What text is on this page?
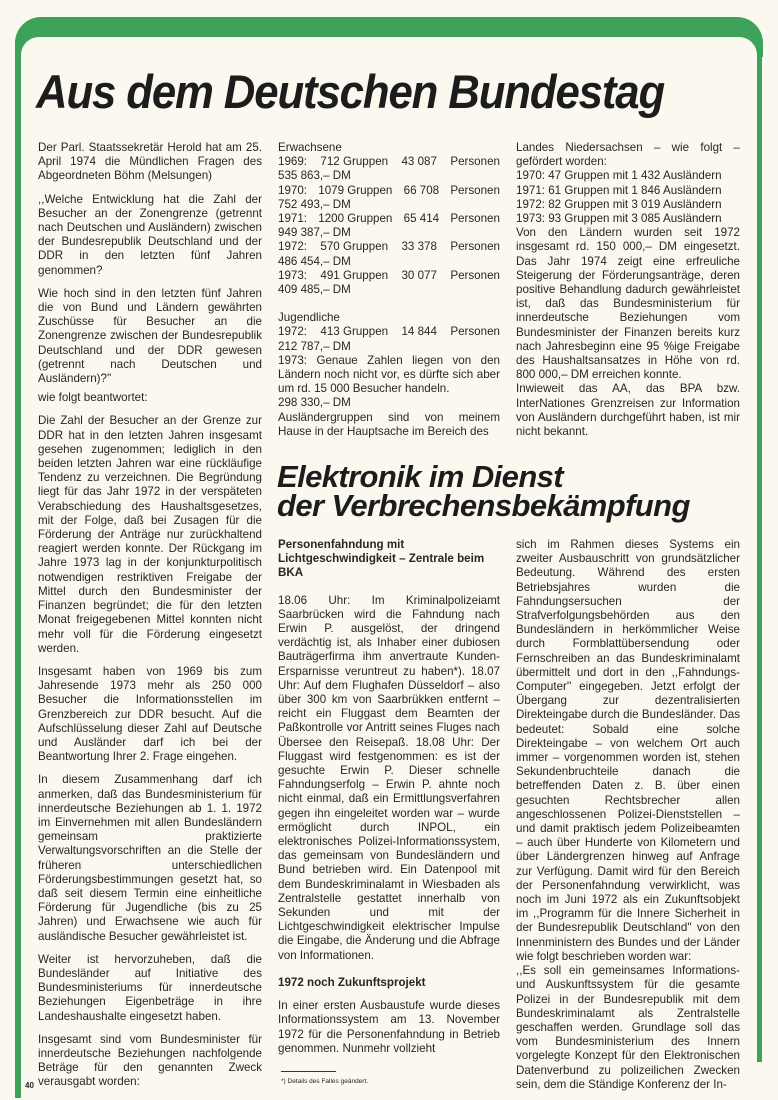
Aus dem Deutschen Bundestag

Der Parl. Staatssekretär Herold hat am 25. April 1974 die Mündlichen Fragen des Abgeordneten Böhm (Melsungen)

,,Welche Entwicklung hat die Zahl der Besucher an der Zonengrenze (getrennt nach Deutschen und Ausländern) zwischen der Bundesrepublik Deutschland und der DDR in den letzten fünf Jahren genommen?

Wie hoch sind in den letzten fünf Jahren die von Bund und Ländern gewährten Zuschüsse für Besucher an die Zonengrenze zwischen der Bundesrepublik Deutschland und der DDR gewesen (getrennt nach Deutschen und Ausländern)?''

wie folgt beantwortet:

Die Zahl der Besucher an der Grenze zur DDR hat in den letzten Jahren insgesamt gesehen zugenommen; lediglich in den beiden letzten Jahren war eine rückläufige Tendenz zu verzeichnen. Die Begründung liegt für das Jahr 1972 in der verspäteten Verabschiedung des Haushaltsgesetzes, mit der Folge, daß bei Zusagen für die Förderung der Anträge nur zurückhaltend reagiert werden konnte. Der Rückgang im Jahre 1973 lag in der konjunkturpolitisch notwendigen restriktiven Freigabe der Mittel durch den Bundesminister der Finanzen begründet; die für den letzten Monat freigegebenen Mittel konnten nicht mehr voll für die Förderung eingesetzt werden.

Insgesamt haben von 1969 bis zum Jahresende 1973 mehr als 250 000 Besucher die Informationsstellen im Grenzbereich zur DDR besucht. Auf die Aufschlüsselung dieser Zahl auf Deutsche und Ausländer darf ich bei der Beantwortung Ihrer 2. Frage eingehen.

In diesem Zusammenhang darf ich anmerken, daß das Bundesministerium für innerdeutsche Beziehungen ab 1. 1. 1972 im Einvernehmen mit allen Bundesländern gemeinsam praktizierte Verwaltungsvorschriften an die Stelle der früheren unterschiedlichen Förderungsbestimmungen gesetzt hat, so daß seit diesem Termin eine einheitliche Förderung für Jugendliche (bis zu 25 Jahren) und Erwachsene wie auch für ausländische Besucher gewährleistet ist.

Weiter ist hervorzuheben, daß die Bundesländer auf Initiative des Bundesministeriums für innerdeutsche Beziehungen Eigenbeträge in ihre Landeshaushalte eingesetzt haben.

Insgesamt sind vom Bundesminister für innerdeutsche Beziehungen nachfolgende Beträge für den genannten Zweck verausgabt worden:

Erwachsene
1969: 712 Gruppen 43 087 Personen
535 863,– DM
1970: 1079 Gruppen 66 708 Personen
752 493,– DM
1971: 1200 Gruppen 65 414 Personen
949 387,– DM
1972: 570 Gruppen 33 378 Personen
486 454,– DM
1973: 491 Gruppen 30 077 Personen
409 485,– DM
Jugendliche
1972: 413 Gruppen 14 844 Personen
212 787,– DM
1973: Genaue Zahlen liegen von den Ländern noch nicht vor, es dürfte sich aber um rd. 15 000 Besucher handeln.
298 330,– DM
Ausländergruppen sind von meinem Hause in der Hauptsache im Bereich des
Landes Niedersachsen – wie folgt – gefördert worden:
1970: 47 Gruppen mit 1 432 Ausländern
1971: 61 Gruppen mit 1 846 Ausländern
1972: 82 Gruppen mit 3 019 Ausländern
1973: 93 Gruppen mit 3 085 Ausländern
Von den Ländern wurden seit 1972 insgesamt rd. 150 000,– DM eingesetzt. Das Jahr 1974 zeigt eine erfreuliche Steigerung der Förderungsanträge, deren positive Behandlung dadurch gewährleistet ist, daß das Bundesministerium für innerdeutsche Beziehungen vom Bundesminister der Finanzen bereits kurz nach Jahresbeginn eine 95 %ige Freigabe des Haushaltsansatzes in Höhe von rd. 800 000,– DM erreichen konnte.
Inwieweit das AA, das BPA bzw. InterNationes Grenzreisen zur Information von Ausländern durchgeführt haben, ist mir nicht bekannt.
Elektronik im Dienst
der Verbrechensbekämpfung

Personenfahndung mit Lichtgeschwindigkeit – Zentrale beim BKA

18.06 Uhr: Im Kriminalpolizeiamt Saarbrücken wird die Fahndung nach Erwin P. ausgelöst, der dringend verdächtig ist, als Inhaber einer dubiosen Bauträgerfirma ihm anvertraute Kunden-Ersparnisse veruntreut zu haben*). 18.07 Uhr: Auf dem Flughafen Düsseldorf – also über 300 km von Saarbrükken entfernt – reicht ein Fluggast dem Beamten der Paßkontrolle vor Antritt seines Fluges nach Übersee den Reisepaß. 18.08 Uhr: Der Fluggast wird festgenommen: es ist der gesuchte Erwin P. Dieser schnelle Fahndungserfolg – Erwin P. ahnte noch nicht einmal, daß ein Ermittlungsverfahren gegen ihn eingeleitet worden war – wurde ermöglicht durch INPOL, ein elektronisches Polizei-Informationssystem, das gemeinsam von Bundesländern und Bund betrieben wird. Ein Datenpool mit dem Bundeskriminalamt in Wiesbaden als Zentralstelle gestattet innerhalb von Sekunden und mit der Lichtgeschwindigkeit elektrischer Impulse die Eingabe, die Änderung und die Abfrage von Informationen.

1972 noch Zukunftsprojekt

In einer ersten Ausbaustufe wurde dieses Informationssystem am 13. November 1972 für die Personenfahndung in Betrieb genommen. Nunmehr vollzieht

sich im Rahmen dieses Systems ein zweiter Ausbauschritt von grundsätzlicher Bedeutung. Während des ersten Betriebsjahres wurden die Fahndungsersuchen der Strafverfolgungsbehörden aus den Bundesländern in herkömmlicher Weise durch Formblattübersendung oder Fernschreiben an das Bundeskriminalamt übermittelt und dort in den ,,Fahndungs-Computer'' eingegeben. Jetzt erfolgt der Übergang zur dezentralisierten Direkteingabe durch die Bundesländer. Das bedeutet: Sobald eine solche Direkteingabe – von welchem Ort auch immer – vorgenommen worden ist, stehen Sekundenbruchteile danach die betreffenden Daten z. B. über einen gesuchten Rechtsbrecher allen angeschlossenen Polizei-Dienststellen – und damit praktisch jedem Polizeibeamten – auch über Hunderte von Kilometern und über Ländergrenzen hinweg auf Anfrage zur Verfügung. Damit wird für den Bereich der Personenfahndung verwirklicht, was noch im Juni 1972 als ein Zukunftsobjekt im ,,Programm für die Innere Sicherheit in der Bundesrepublik Deutschland'' von den Innenministern des Bundes und der Länder wie folgt beschrieben worden war:
,,Es soll ein gemeinsames Informations- und Auskunftssystem für die gesamte Polizei in der Bundesrepublik mit dem Bundeskriminalamt als Zentralstelle geschaffen werden. Grundlage soll das vom Bundesministerium des Innern vorgelegte Konzept für den Elektronischen Datenverbund zu polizeilichen Zwecken sein, dem die Ständige Konferenz der In-
*) Details des Falles geändert.
40
